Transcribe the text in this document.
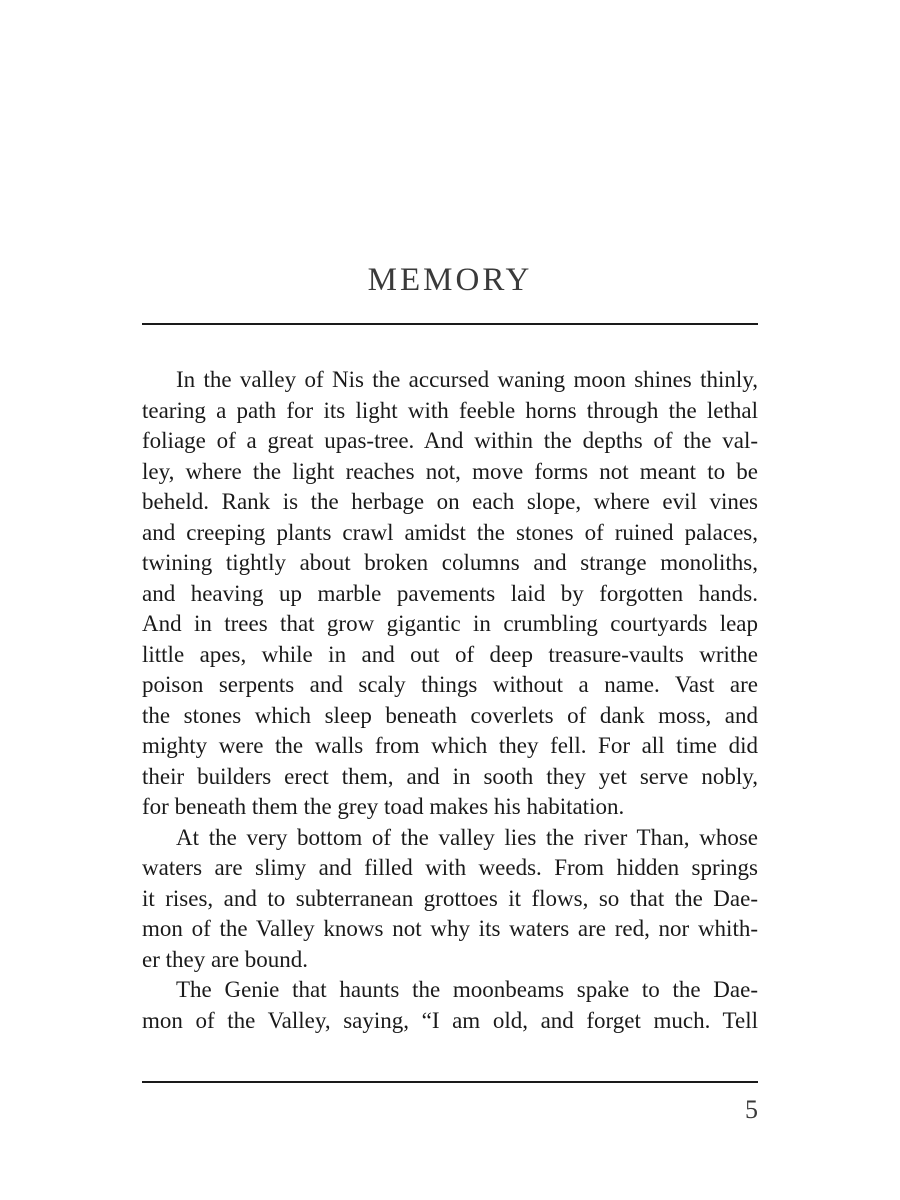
MEMORY
In the valley of Nis the accursed waning moon shines thinly,
tearing a path for its light with feeble horns through the lethal
foliage of a great upas-tree. And within the depths of the val-
ley, where the light reaches not, move forms not meant to be
beheld. Rank is the herbage on each slope, where evil vines
and creeping plants crawl amidst the stones of ruined palaces,
twining tightly about broken columns and strange monoliths,
and heaving up marble pavements laid by forgotten hands.
And in trees that grow gigantic in crumbling courtyards leap
little apes, while in and out of deep treasure-vaults writhe
poison serpents and scaly things without a name. Vast are
the stones which sleep beneath coverlets of dank moss, and
mighty were the walls from which they fell. For all time did
their builders erect them, and in sooth they yet serve nobly,
for beneath them the grey toad makes his habitation.
At the very bottom of the valley lies the river Than, whose
waters are slimy and filled with weeds. From hidden springs
it rises, and to subterranean grottoes it flows, so that the Dae-
mon of the Valley knows not why its waters are red, nor whith-
er they are bound.
The Genie that haunts the moonbeams spake to the Dae-
mon of the Valley, saying, “I am old, and forget much. Tell
5
